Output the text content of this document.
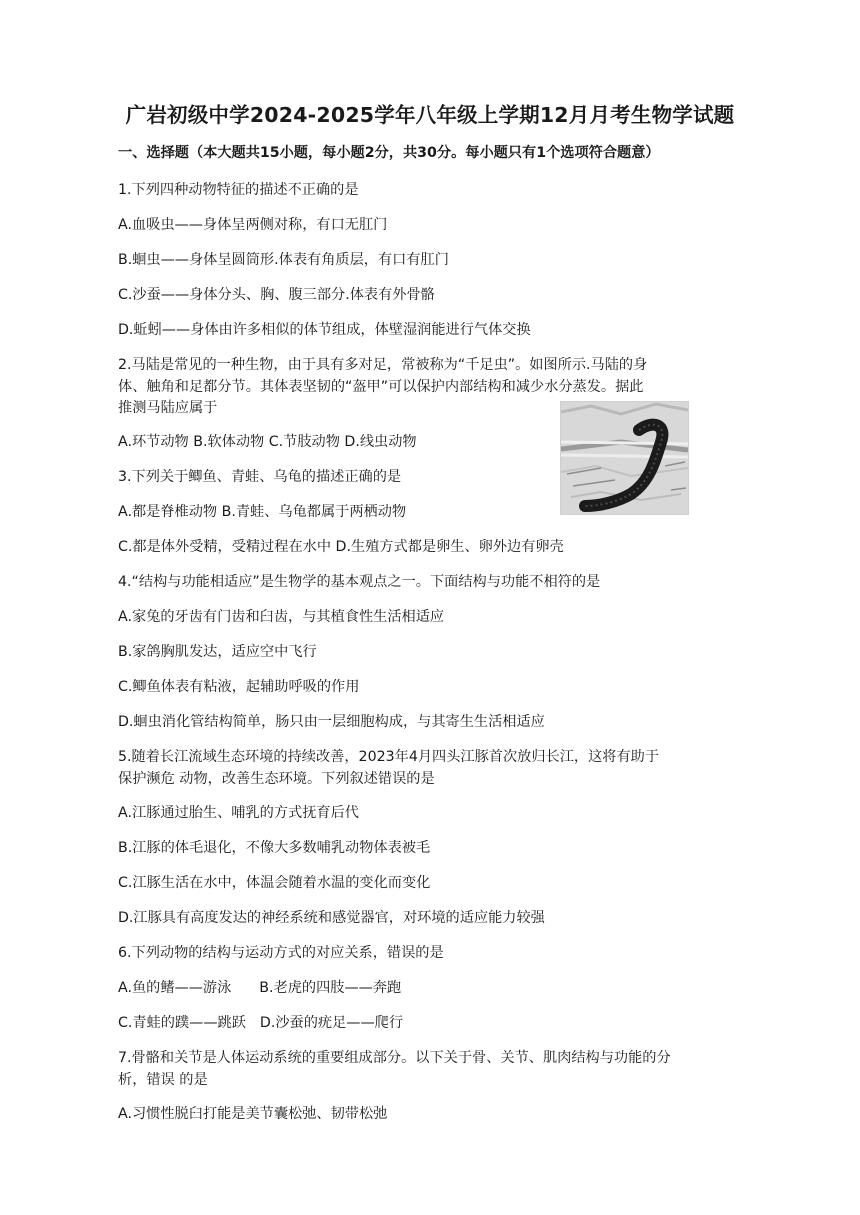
广岩初级中学2024-2025学年八年级上学期12月月考生物学试题
一、选择题（本大题共15小题，每小题2分，共30分。每小题只有1个选项符合题意）
1.下列四种动物特征的描述不正确的是
A.血吸虫——身体呈两侧对称，有口无肛门
B.蛔虫——身体呈圆筒形.体表有角质层，有口有肛门
C.沙蚕——身体分头、胸、腹三部分.体表有外骨骼
D.蚯蚓——身体由许多相似的体节组成，体壁湿润能进行气体交换
2.马陆是常见的一种生物，由于具有多对足，常被称为“千足虫”。如图所示.马陆的身
体、触角和足都分节。其体表坚韧的“盔甲”可以保护内部结构和减少水分蒸发。据此
推测马陆应属于
A.环节动物 B.软体动物 C.节肢动物 D.线虫动物
3.下列关于鲫鱼、青蛙、乌龟的描述正确的是
A.都是脊椎动物 B.青蛙、乌龟都属于两栖动物
C.都是体外受精，受精过程在水中 D.生殖方式都是卵生、卵外边有卵壳
4.“结构与功能相适应”是生物学的基本观点之一。下面结构与功能不相符的是
A.家兔的牙齿有门齿和臼齿，与其植食性生活相适应
B.家鸽胸肌发达，适应空中飞行
C.鲫鱼体表有粘液，起辅助呼吸的作用
D.蛔虫消化管结构简单，肠只由一层细胞构成，与其寄生生活相适应
5.随着长江流域生态环境的持续改善，2023年4月四头江豚首次放归长江，这将有助于
保护濒危 动物，改善生态环境。下列叙述错误的是
A.江豚通过胎生、哺乳的方式抚育后代
B.江豚的体毛退化，不像大多数哺乳动物体表被毛
C.江豚生活在水中，体温会随着水温的变化而变化
D.江豚具有高度发达的神经系统和感觉器官，对环境的适应能力较强
6.下列动物的结构与运动方式的对应关系，错误的是
A.鱼的鳍——游泳 B.老虎的四肢——奔跑
C.青蛙的蹼——跳跃 D.沙蚕的疣足——爬行
7.骨骼和关节是人体运动系统的重要组成部分。以下关于骨、关节、肌肉结构与功能的分
析，错误 的是
A.习惯性脱臼打能是美节囊松弛、韧带松弛
